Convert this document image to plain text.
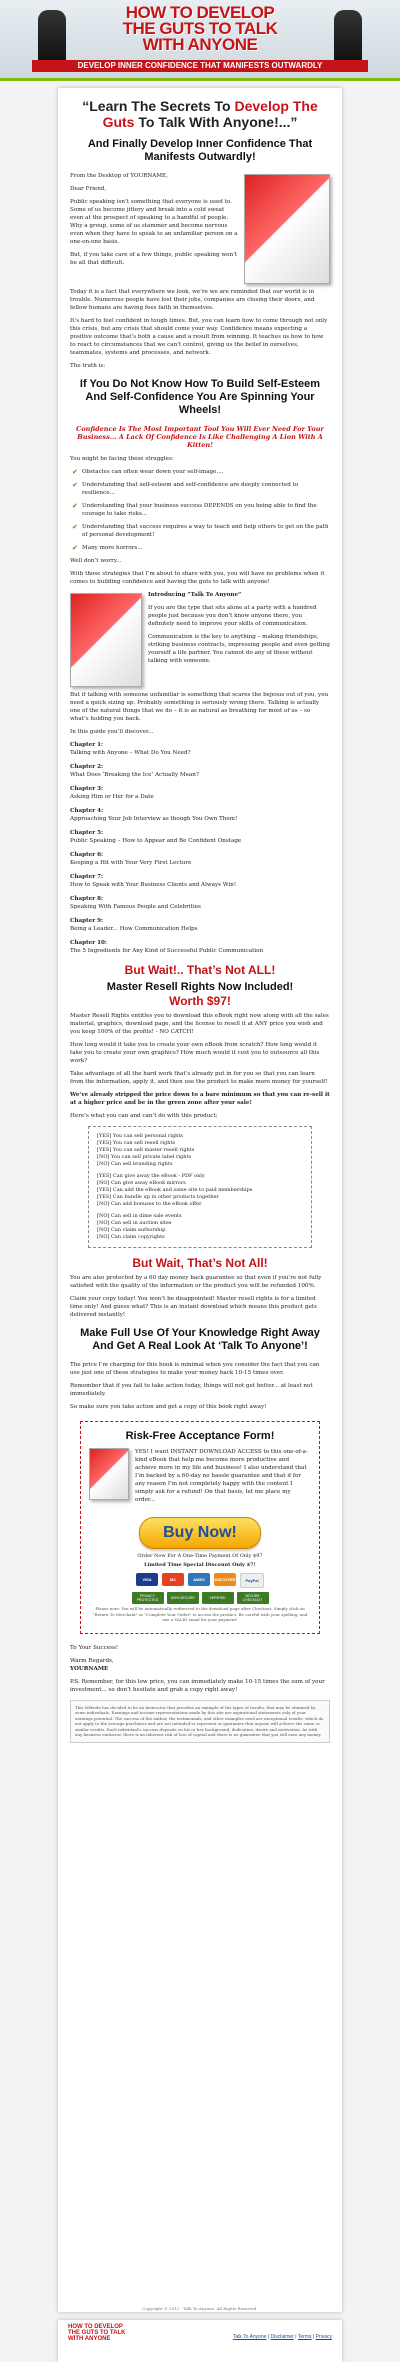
HOW TO DEVELOP
THE GUTS TO TALK
WITH ANYONE
DEVELOP INNER CONFIDENCE THAT MANIFESTS OUTWARDLY
“Learn The Secrets To Develop The Guts To Talk With Anyone!...”
And Finally Develop Inner Confidence That Manifests Outwardly!

From the Desktop of YOURNAME,

Dear Friend,

Public speaking isn’t something that everyone is used to. Some of us become jittery and break into a cold sweat even at the prospect of speaking to a handful of people. Why a group, some of us stammer and become nervous even when they have to speak to an unfamiliar person on a one-on-one basis.

But, if you take care of a few things, public speaking won’t be all that difficult.

Today it is a fact that everywhere we look, we’re we are reminded that our world is in trouble. Numerous people have lost their jobs, companies are closing their doors, and fellow humans are having fees faith in themselves.

It’s hard to feel confident in tough times. But, you can learn how to come through not only this crisis, but any crisis that should come your way. Confidence means expecting a positive outcome that’s both a cause and a result from winning. It teaches us how to how to react to circumstances that we can’t control, giving us the belief in ourselves, teammates, systems and processes, and network.

The truth is:

If You Do Not Know How To Build Self-Esteem And Self-Confidence You Are Spinning Your Wheels!
Confidence Is The Most Important Tool You Will Ever Need For Your Business... A Lack Of Confidence Is Like Challenging A Lion With A Kitten!

You might be facing these struggles:

✔ Obstacles can often wear down your self-image....
✔ Understanding that self-esteem and self-confidence are deeply connected to resilience...
✔ Understanding that your business success DEPENDS on you being able to find the courage to take risks...
✔ Understanding that success requires a way to teach and help others to get on the path of personal development!
✔ Many more horrors...

Well don’t worry...

With those strategies that I’m about to share with you, you will have no problems when it comes to building confidence and having the guts to talk with anyone!

Introducing “Talk To Anyone”

If you are the type that sits alone at a party with a hundred people just because you don’t know anyone there, you definitely need to improve your skills of communication.

Communication is the key to anything – making friendships, striking business contracts, impressing people and even getting yourself a life partner. You cannot do any of these without talking with someone.

But if talking with someone unfamiliar is something that scares the bejesus out of you, you need a quick sizing up. Probably something is seriously wrong there. Talking is actually one of the natural things that we do – it is as natural as breathing for most of us – so what’s holding you back.

In this guide you’ll discover...

Chapter 1:
Talking with Anyone – What Do You Need?
Chapter 2:
What Does ‘Breaking the Ice’ Actually Mean?
Chapter 3:
Asking Him or Her for a Date
Chapter 4:
Approaching Your Job Interview as though You Own Them!
Chapter 5:
Public Speaking – How to Appear and Be Confident Onstage
Chapter 6:
Keeping a Hit with Your Very First Lecture
Chapter 7:
How to Speak with Your Business Clients and Always Win!
Chapter 8:
Speaking With Famous People and Celebrities
Chapter 9:
Being a Leader... How Communication Helps
Chapter 10:
The 5 Ingredients for Any Kind of Successful Public Communication
But Wait!.. That’s Not ALL!
Master Resell Rights Now Included!
Worth $97!

Master Resell Rights entitles you to download this eBook right now along with all the sales material, graphics, download page, and the license to resell it at ANY price you wish and you keep 100% of the profits! - NO CATCH!

How long would it take you to create your own eBook from scratch? How long would it take you to create your own graphics? How much would it cost you to outsource all this work?

Take advantage of all the hard work that’s already put in for you so that you can learn from the information, apply it, and then use the product to make more money for yourself!

We’ve already stripped the price down to a bare minimum so that you can re-sell it at a higher price and be in the green zone after your sale!

Here’s what you can and can’t do with this product:

[YES] You can sell personal rights
[YES] You can sell resell rights
[YES] You can sell master resell rights
[NO] You can sell private label rights
[NO] Can sell branding rights
[YES] Can give away the eBook - PDF only
[NO] Can give away eBook mirrors
[YES] Can add the eBook and same site to paid memberships
[YES] Can bundle up in other products together
[NO] Can add bonuses to the eBook offer
[NO] Can sell in dime sale events
[NO] Can sell in auction sites
[NO] Can claim authorship
[NO] Can claim copyrights
But Wait, That’s Not All!

You are also protected by a 60 day money back guarantee so that even if you’re not fully satisfied with the quality of the information or the product you will be refunded 100%.

Claim your copy today! You won’t be disappointed! Master resell rights is for a limited time only! And guess what? This is an instant download which means this product gets delivered instantly!

Make Full Use Of Your Knowledge Right Away And Get A Real Look At ‘Talk To Anyone’!

The price I’m charging for this book is minimal when you consider the fact that you can use just one of these strategies to make your money back 10-15 times over.

Remember that if you fail to take action today, things will not get better... at least not immediately.

So make sure you take action and get a copy of this book right away!

Risk-Free Acceptance Form!

YES! I want INSTANT DOWNLOAD ACCESS to this one-of-a-kind eBook that help me become more productive and achieve more in my life and business! I also understand that I’m backed by a 60-day no hassle guarantee and that if for any reason I’m not completely happy with the content I simply ask for a refund! On that basis, let me place my order...

Buy Now!
Order Now For A One-Time Payment Of Only $97
Limited Time Special Discount Only $7!
VISA	MC	AMEX	DISCOVER	PayPal
PRIVACY PROTECTED	100% SECURE	VERIFIED	SECURE CHECKOUT
Please note: You will be automatically redirected to the download page after Checkout. Simply click on "Return To Merchant" or "Complete Your Order" to access the product. Be careful with your spelling, and use a VALID email for your payment!

To Your Success!

Warm Regards,

YOURNAME

P.S. Remember, for this low price, you can immediately make 10-15 times the sum of your investment... so don’t hesitate and grab a copy right away!

This Website has decided to be an Instructor that provides an example of the types of results, that may be obtained by some individuals. Earnings and income representations made by this site are aspirational statements only of your earnings potential. The success of the author, the testimonials, and other examples used are exceptional results, which do not apply to the average purchaser and are not intended to represent or guarantee that anyone will achieve the same or similar results. Each individual’s success depends on his or her background, dedication, desire and motivation. As with any business endeavor, there is an inherent risk of loss of capital and there is no guarantee that you will earn any money.
Copyright © 2012 - Talk To Anyone. All Rights Reserved.
HOW TO DEVELOP
THE GUTS TO TALK
WITH ANYONE	Talk To Anyone | Disclaimer | Terms | Privacy
